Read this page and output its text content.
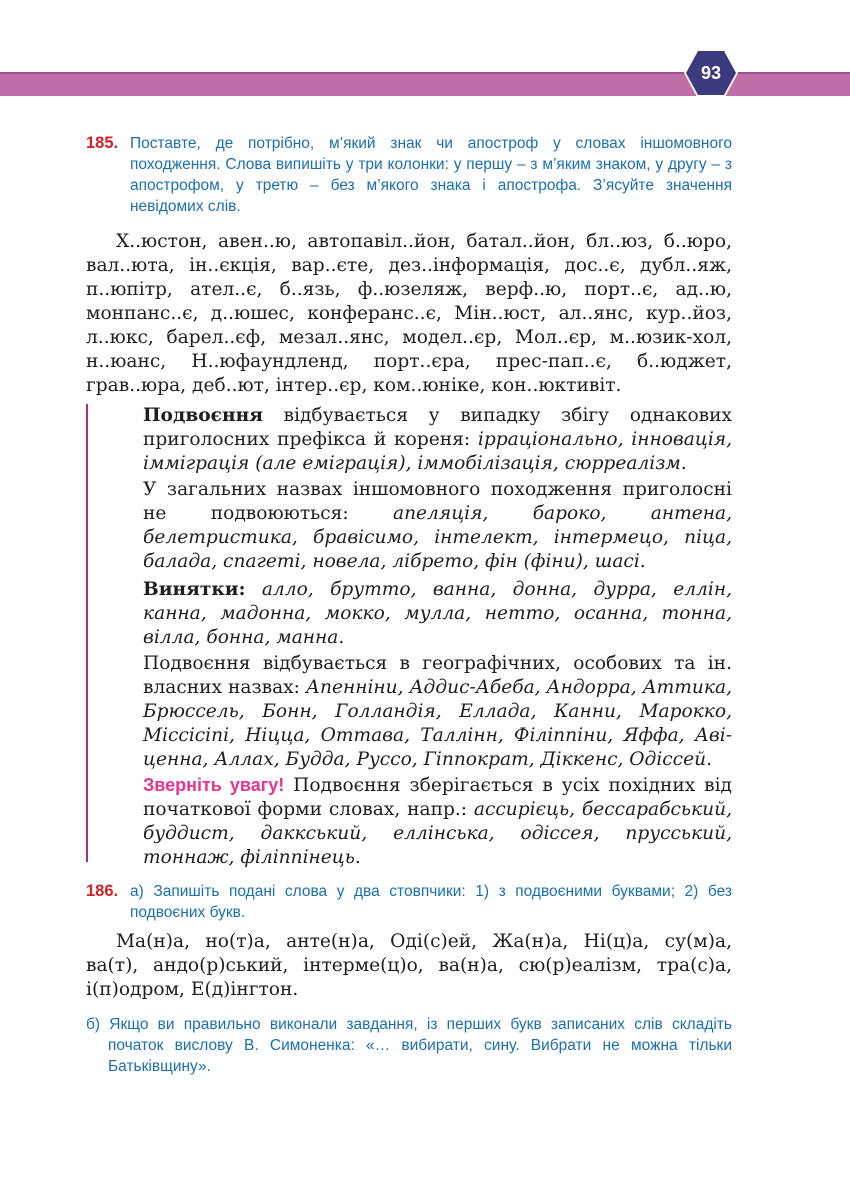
93
185. Поставте, де потрібно, м’який знак чи апостроф у словах іншомовного походження. Слова випишіть у три колонки: у першу – з м’яким знаком, у другу – з апострофом, у третю – без м’якого знака і апострофа. З’ясуйте значення невідомих слів.

Х..юстон, авен..ю, автопавіл..йон, батал..йон, бл..юз, б..юро, вал..юта, ін..єкція, вар..єте, дез..інформація, дос..є, дубл..яж, п..юпітр, ател..є, б..язь, ф..юзеляж, верф..ю, порт..є, ад..ю, монпанс..є, д..юшес, конферанс..є, Мін..юст, ал..янс, кур..йоз, л..юкс, барел..єф, мезал..янс, модел..єр, Мол..єр, м..юзик-хол, н..юанс, Н..юфаундленд, порт..єра, прес-пап..є, б..юджет, грав..юра, деб..ют, інтер..єр, ком..юніке, кон..юктивіт.

Подвоєння відбувається у випадку збігу однакових приголосних префікса й кореня: ірраціонально, інновація, імміграція (але еміграція), іммобілізація, сюрреалізм.

У загальних назвах іншомовного походження приголосні не подвоюються: апеляція, бароко, антена, белетристика, бравісимо, інтелект, інтермецо, піца, балада, спагеті, новела, лібрето, фін (фіни), шасі.

Винятки: алло, брутто, ванна, донна, дурра, еллін, канна, мадонна, мокко, мулла, нетто, осанна, тонна, вілла, бонна, манна.

Подвоєння відбувається в географічних, особових та ін. власних назвах: Апенніни, Аддис-Абеба, Андорра, Аттика, Брюссель, Бонн, Голландія, Еллада, Канни, Марокко, Міссісіпі, Ніцца, Оттава, Таллінн, Філіппіни, Яффа, Авіценна, Аллах, Будда, Руссо, Гіппократ, Діккенс, Одіссей.

Зверніть увагу! Подвоєння зберігається в усіх похідних від початкової форми словах, напр.: ассирієць, бессарабський, буддист, даккський, еллінська, одіссея, прусський, тоннаж, філіппінець.

186. а) Запишіть подані слова у два стовпчики: 1) з подвоєними буквами; 2) без подвоєних букв.

Ма(н)а, но(т)а, анте(н)а, Оді(с)ей, Жа(н)а, Ні(ц)а, су(м)а, ва(т), андо(р)ський, інтерме(ц)о, ва(н)а, сю(р)еалізм, тра(с)а, і(п)одром, Е(д)інгтон.

б) Якщо ви правильно виконали завдання, із перших букв записаних слів складіть початок вислову В. Симоненка: «… вибирати, сину. Вибрати не можна тільки Батьківщину».
